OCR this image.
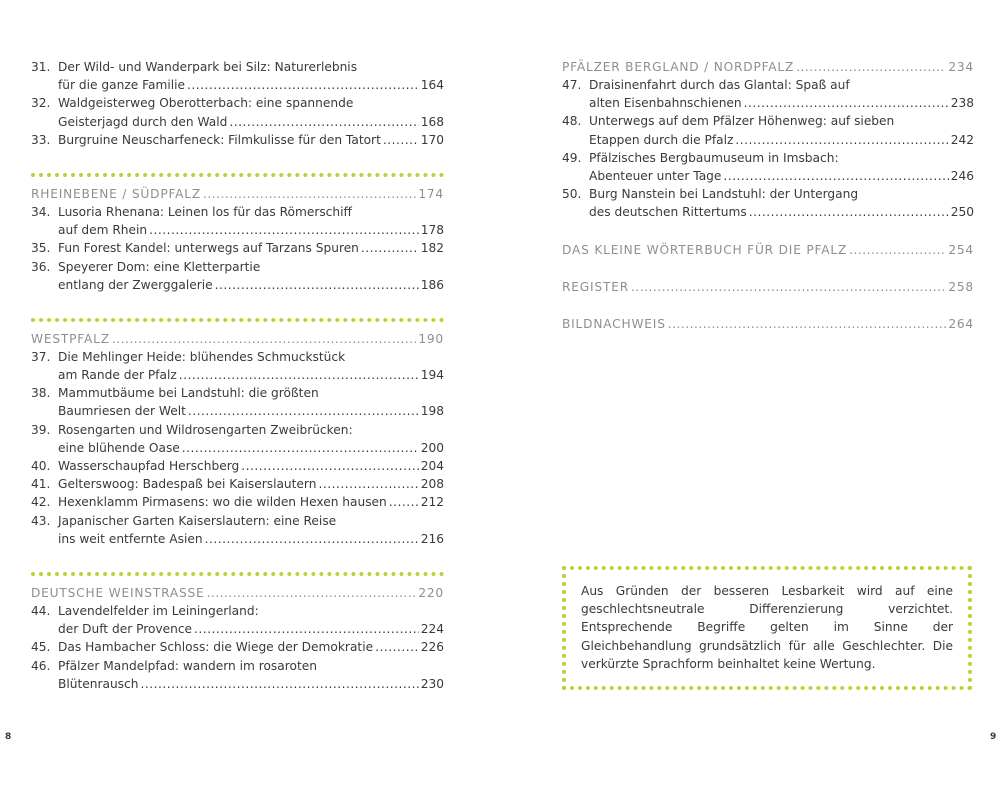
31. Der Wild- und Wanderpark bei Silz: Naturerlebnis
für die ganze Familie .....	164
32. Waldgeisterweg Oberotterbach: eine spannende
Geisterjagd durch den Wald .....	168
33. Burgruine Neuscharfeneck: Filmkulisse für den Tatort .....	170
RHEINEBENE / SÜDPFALZ .....	174
34. Lusoria Rhenana: Leinen los für das Römerschiff
auf dem Rhein .....	178
35. Fun Forest Kandel: unterwegs auf Tarzans Spuren .....	182
36. Speyerer Dom: eine Kletterpartie
entlang der Zwerggalerie .....	186
WESTPFALZ .....	190
37. Die Mehlinger Heide: blühendes Schmuckstück
am Rande der Pfalz .....	194
38. Mammutbäume bei Landstuhl: die größten
Baumriesen der Welt .....	198
39. Rosengarten und Wildrosengarten Zweibrücken:
eine blühende Oase .....	200
40. Wasserschaupfad Herschberg .....	204
41. Gelterswoog: Badespaß bei Kaiserslautern .....	208
42. Hexenklamm Pirmasens: wo die wilden Hexen hausen .....	212
43. Japanischer Garten Kaiserslautern: eine Reise
ins weit entfernte Asien .....	216
DEUTSCHE WEINSTRASSE .....	220
44. Lavendelfelder im Leiningerland:
der Duft der Provence .....	224
45. Das Hambacher Schloss: die Wiege der Demokratie .....	226
46. Pfälzer Mandelpfad: wandern im rosaroten
Blütenrausch .....	230
PFÄLZER BERGLAND / NORDPFALZ .....	234
47. Draisinenfahrt durch das Glantal: Spaß auf
alten Eisenbahnschienen .....	238
48. Unterwegs auf dem Pfälzer Höhenweg: auf sieben
Etappen durch die Pfalz .....	242
49. Pfälzisches Bergbaumuseum in Imsbach:
Abenteuer unter Tage .....	246
50. Burg Nanstein bei Landstuhl: der Untergang
des deutschen Rittertums .....	250
DAS KLEINE WÖRTERBUCH FÜR DIE PFALZ .....	254
REGISTER .....	258
BILDNACHWEIS .....	264
Aus Gründen der besseren Lesbarkeit wird auf eine geschlechtsneutrale Differenzierung verzichtet. Entsprechende Begriffe gelten im Sinne der Gleichbehandlung grundsätzlich für alle Geschlechter. Die verkürzte Sprachform beinhaltet keine Wertung.
8	9
